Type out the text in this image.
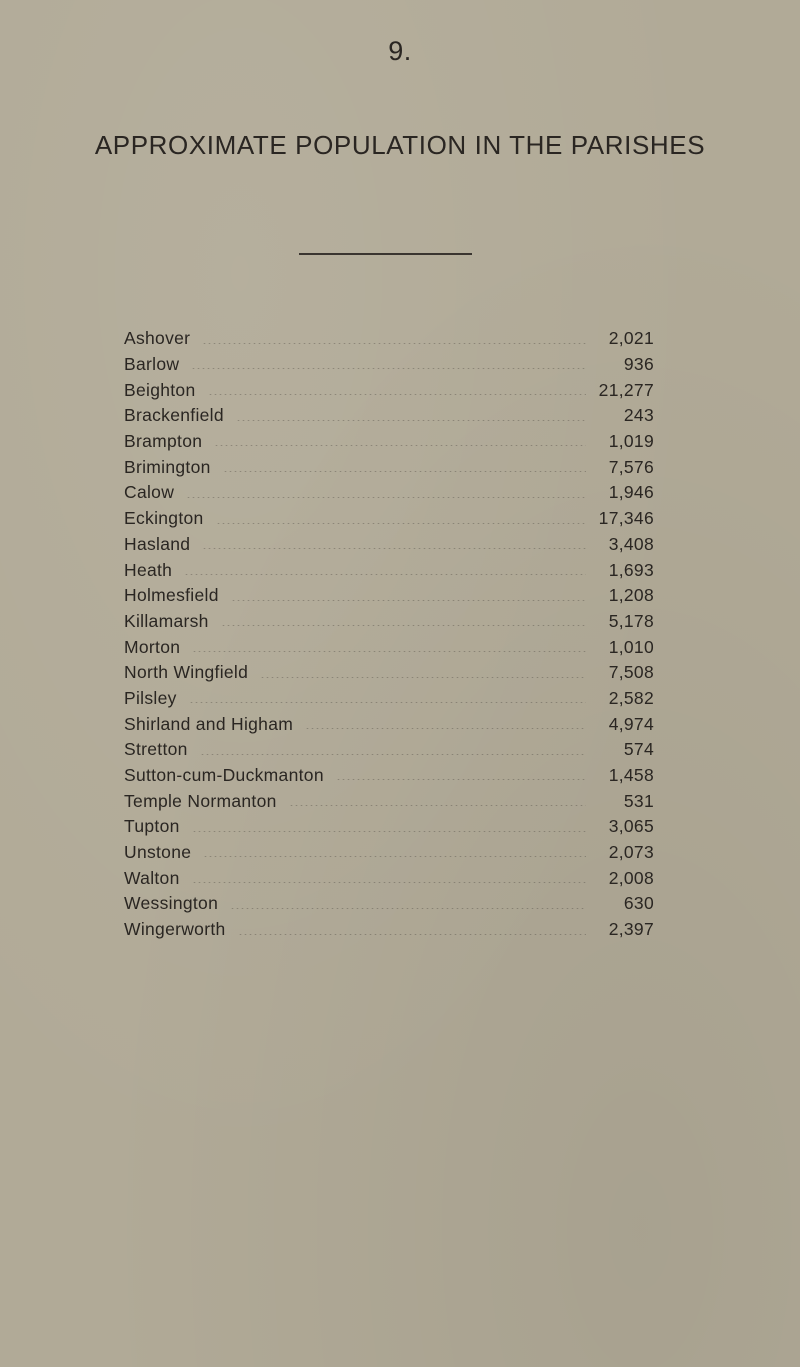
9.
APPROXIMATE POPULATION IN THE PARISHES
Ashover	2,021
Barlow	936
Beighton	21,277
Brackenfield	243
Brampton	1,019
Brimington	7,576
Calow	1,946
Eckington	17,346
Hasland	3,408
Heath	1,693
Holmesfield	1,208
Killamarsh	5,178
Morton	1,010
North Wingfield	7,508
Pilsley	2,582
Shirland and Higham	4,974
Stretton	574
Sutton-cum-Duckmanton	1,458
Temple Normanton	531
Tupton	3,065
Unstone	2,073
Walton	2,008
Wessington	630
Wingerworth	2,397
